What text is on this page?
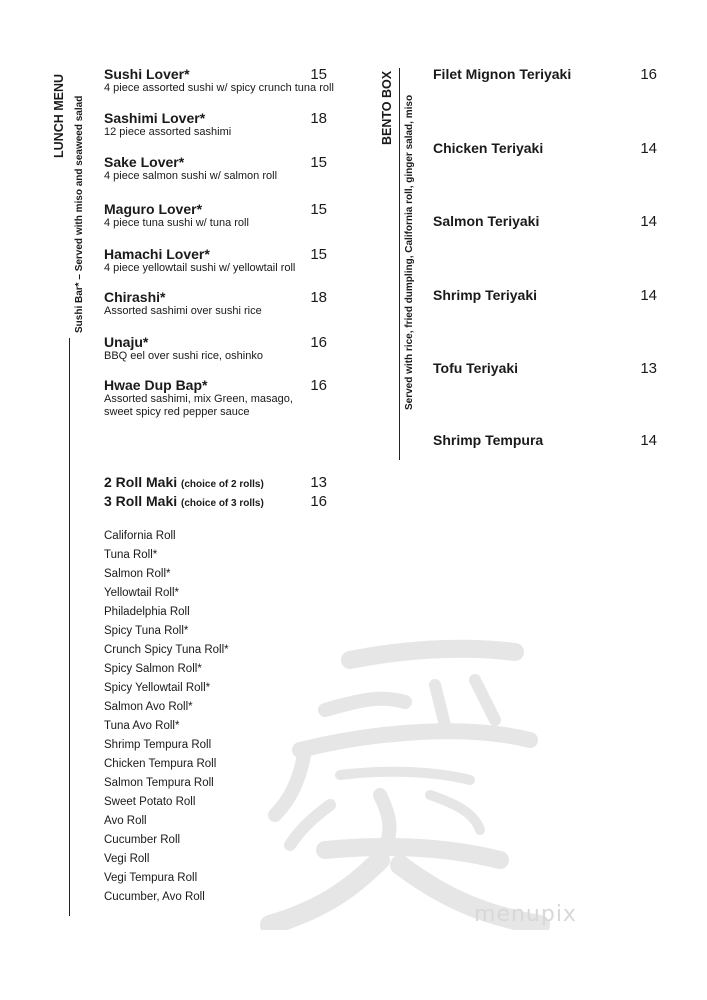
LUNCH MENU Sushi Bar* – Served with miso and seaweed salad
Sushi Lover*	15
4 piece assorted sushi w/ spicy crunch tuna roll
Sashimi Lover*	18
12 piece assorted sashimi
Sake Lover*	15
4 piece salmon sushi w/ salmon roll
Maguro Lover*	15
4 piece tuna sushi w/ tuna roll
Hamachi Lover*	15
4 piece yellowtail sushi w/ yellowtail roll
Chirashi*	18
Assorted sashimi over sushi rice
Unaju*	16
BBQ eel over sushi rice, oshinko
Hwae Dup Bap*	16
Assorted sashimi, mix Green, masago,
sweet spicy red pepper sauce
BENTO BOX Served with rice, fried dumpling, California roll, ginger salad, miso
Filet Mignon Teriyaki	16
Chicken Teriyaki	14
Salmon Teriyaki	14
Shrimp Teriyaki	14
Tofu Teriyaki	13
Shrimp Tempura	14
2 Roll Maki (choice of 2 rolls)	13
3 Roll Maki (choice of 3 rolls)	16
California Roll
Tuna Roll*
Salmon Roll*
Yellowtail Roll*
Philadelphia Roll
Spicy Tuna Roll*
Crunch Spicy Tuna Roll*
Spicy Salmon Roll*
Spicy Yellowtail Roll*
Salmon Avo Roll*
Tuna Avo Roll*
Shrimp Tempura Roll
Chicken Tempura Roll
Salmon Tempura Roll
Sweet Potato Roll
Avo Roll
Cucumber Roll
Vegi Roll
Vegi Tempura Roll
Cucumber, Avo Roll
menupix
